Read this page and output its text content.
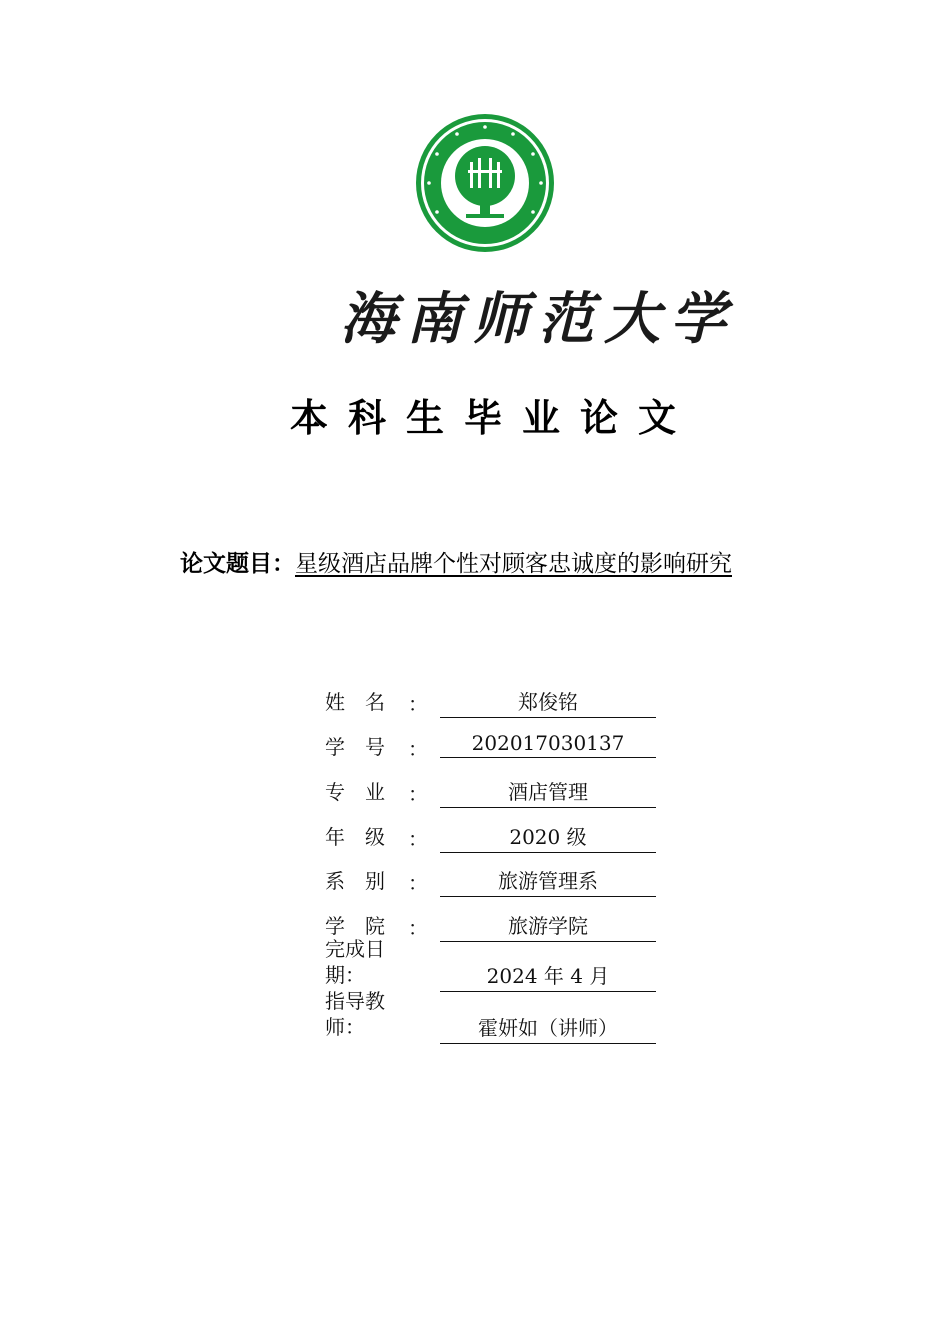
海南师范大学
本科生毕业论文
论文题目：星级酒店品牌个性对顾客忠诚度的影响研究
姓名 ：	郑俊铭
学号 ：	202017030137
专业 ：	酒店管理
年级 ：	2020 级
系别 ：	旅游管理系
学院 ：	旅游学院
完成日期：	2024 年 4 月
指导教师：	霍妍如（讲师）
